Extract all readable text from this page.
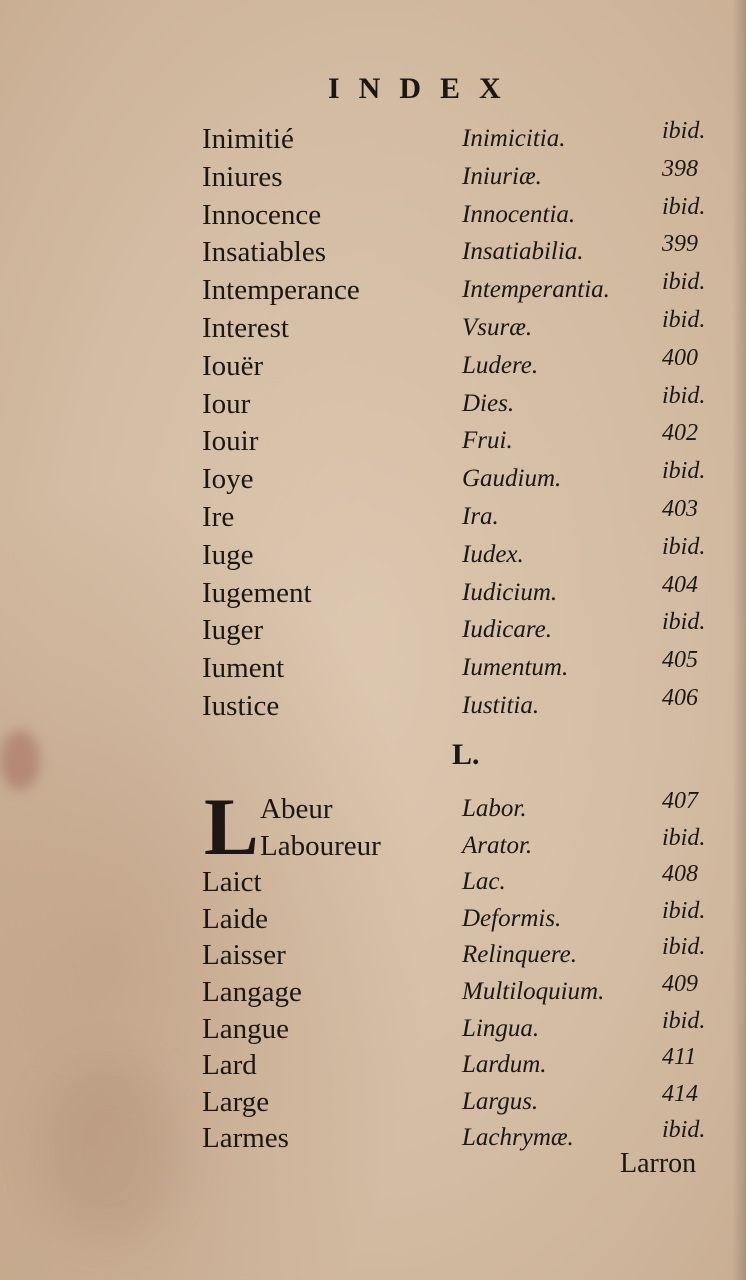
INDEX
Inimitié	Inimicitia.	ibid.
Iniures	Iniuriæ.	398
Innocence	Innocentia.	ibid.
Insatiables	Insatiabilia.	399
Intemperance	Intemperantia. ibid.
Interest	Vsuræ.	ibid.
Iouër	Ludere.	400
Iour	Dies.	ibid.
Iouir	Frui.	402
Ioye	Gaudium.	ibid.
Ire	Ira.	403
Iuge	Iudex.	ibid.
Iugement	Iudicium.	404
Iuger	Iudicare.	ibid.
Iument	Iumentum.	405
Iustice	Iustitia.	406
L.
L Abeur	Labor.	407
Laboureur	Arator.	ibid.
Laict	Lac.	408
Laide	Deformis.	ibid.
Laisser	Relinquere.	ibid.
Langage	Multiloquium. 409
Langue	Lingua.	ibid.
Lard	Lardum.	411
Large	Largus.	414
Larmes	Lachrymæ.	ibid.
Larron
